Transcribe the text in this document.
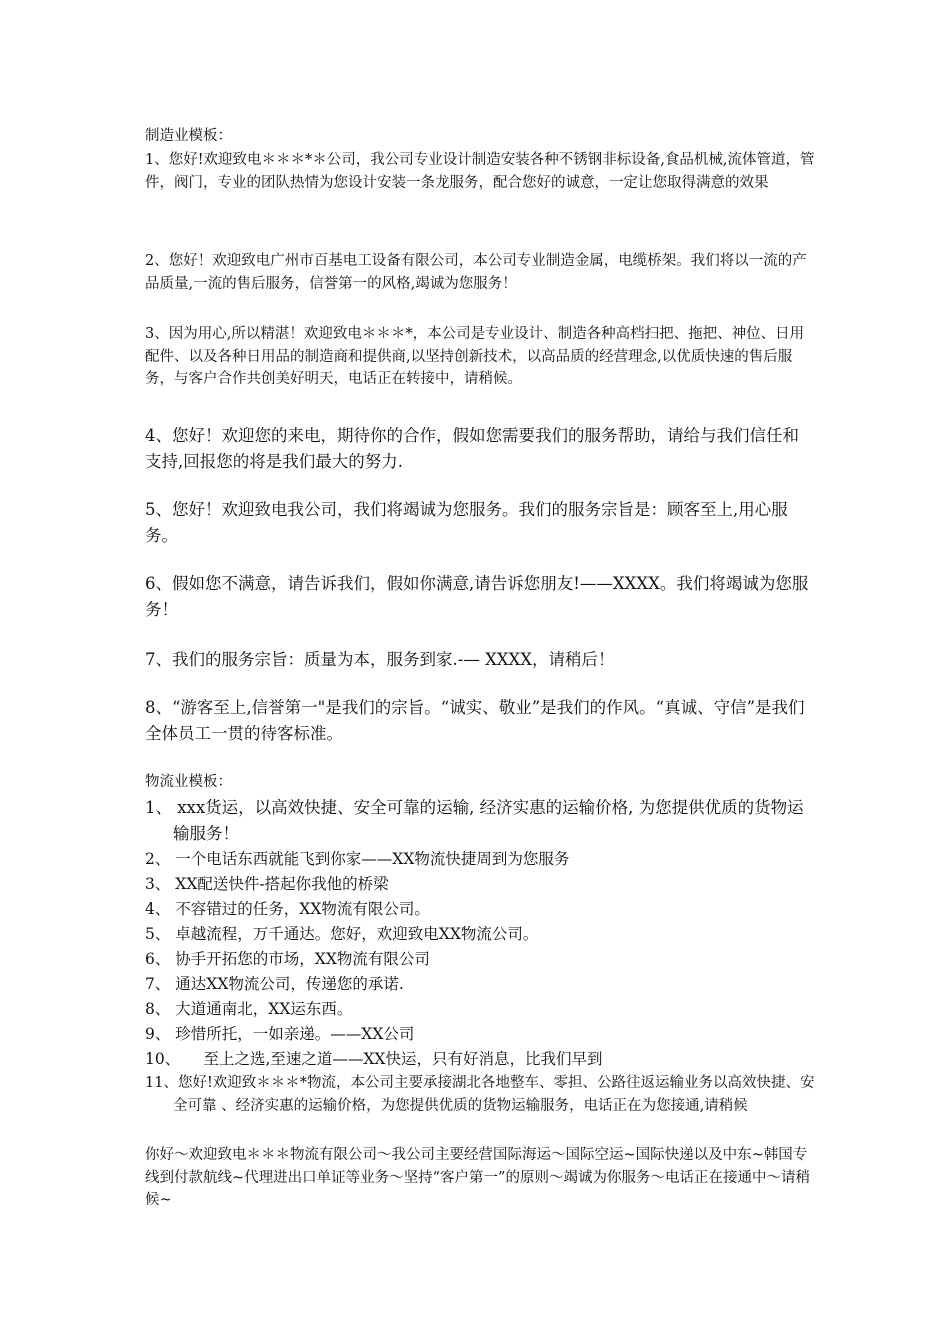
制造业模板：

1、您好!欢迎致电＊＊＊*＊公司，我公司专业设计制造安装各种不锈钢非标设备,食品机械,流体管道，管件，阀门，专业的团队热情为您设计安装一条龙服务，配合您好的诚意，一定让您取得满意的效果

2、您好！欢迎致电广州市百基电工设备有限公司，本公司专业制造金属，电缆桥架。我们将以一流的产品质量,一流的售后服务，信誉第一的风格,竭诚为您服务！

3、因为用心,所以精湛！欢迎致电＊＊＊*，本公司是专业设计、制造各种高档扫把、拖把、神位、日用配件、以及各种日用品的制造商和提供商,以坚持创新技术，以高品质的经营理念,以优质快速的售后服务，与客户合作共创美好明天，电话正在转接中，请稍候。

4、您好！欢迎您的来电，期待你的合作，假如您需要我们的服务帮助，请给与我们信任和支持,回报您的将是我们最大的努力.

5、您好！欢迎致电我公司，我们将竭诚为您服务。我们的服务宗旨是：顾客至上,用心服务。

6、假如您不满意，请告诉我们，假如你满意,请告诉您朋友!——XXXX。我们将竭诚为您服务！

7、我们的服务宗旨：质量为本，服务到家.-— XXXX，请稍后！

8、“游客至上,信誉第一"是我们的宗旨。“诚实、敬业”是我们的作风。“真诚、守信”是我们全体员工一贯的待客标准。

物流业模板：

1、 xxx货运，以高效快捷、安全可靠的运输, 经济实惠的运输价格, 为您提供优质的货物运输服务！
2、 一个电话东西就能飞到你家——XX物流快捷周到为您服务
3、 XX配送快件-搭起你我他的桥梁
4、 不容错过的任务，XX物流有限公司。
5、 卓越流程，万千通达。您好，欢迎致电XX物流公司。
6、 协手开拓您的市场，XX物流有限公司
7、 通达XX物流公司，传递您的承诺.
8、 大道通南北，XX运东西。
9、 珍惜所托，一如亲递。——XX公司
10、　　至上之选,至速之道——XX快运，只有好消息，比我们早到
11、您好!欢迎致＊＊＊*物流，本公司主要承接湖北各地整车、零担、公路往返运输业务以高效快捷、安全可靠 、经济实惠的运输价格，为您提供优质的货物运输服务，电话正在为您接通,请稍候

你好～欢迎致电＊＊＊物流有限公司～我公司主要经营国际海运～国际空运~国际快递以及中东~韩国专线到付款航线~代理进出口单证等业务～坚持“客户第一”的原则～竭诚为你服务～电话正在接通中～请稍候~
